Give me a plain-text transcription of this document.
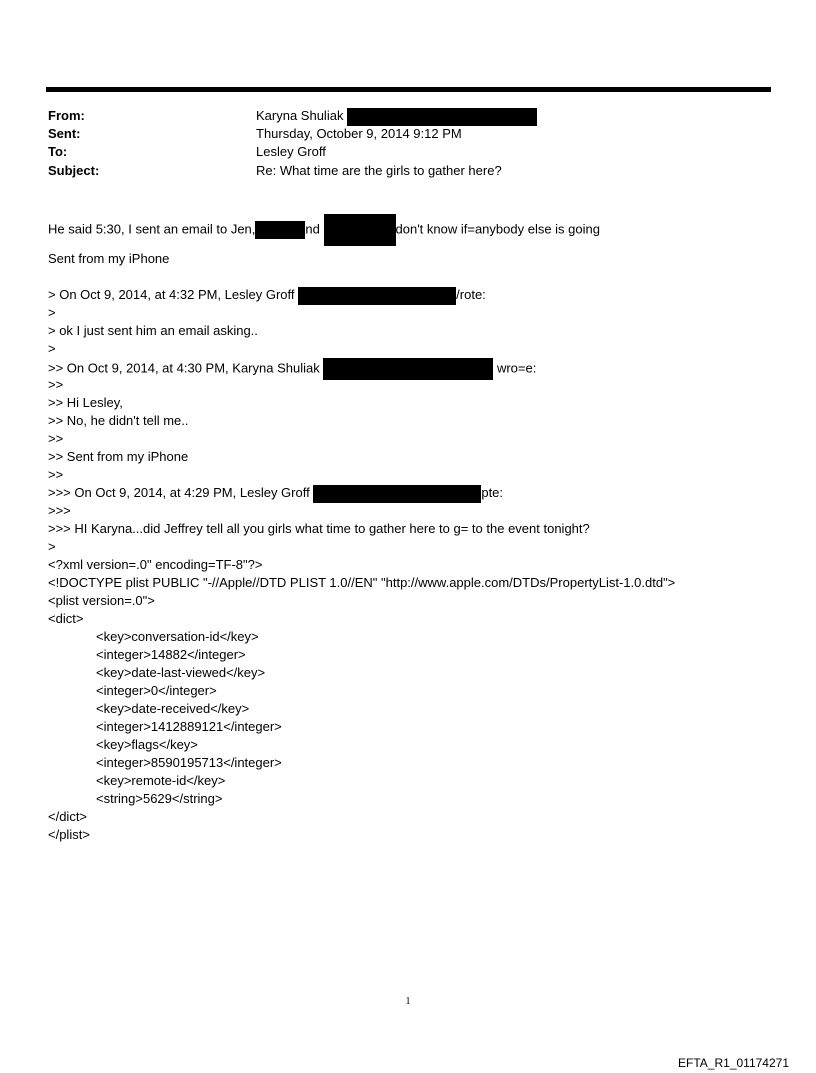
From:	Karyna Shuliak
Sent:	Thursday, October 9, 2014 9:12 PM
To:	Lesley Groff
Subject:	Re: What time are the girls to gather here?
He said 5:30, I sent an email to Jen,	nd	don't know if=anybody else is going
Sent from my iPhone
> On Oct 9, 2014, at 4:32 PM, Lesley Groff	/rote:
>
> ok I just sent him an email asking..
>
>> On Oct 9, 2014, at 4:30 PM, Karyna Shuliak	wro=e:
>>
>> Hi Lesley,
>> No, he didn't tell me..
>>
>> Sent from my iPhone
>>
>>> On Oct 9, 2014, at 4:29 PM, Lesley Groff	pte:
>>>
>>> HI Karyna...did Jeffrey tell all you girls what time to gather here to g= to the event tonight?
>
<?xml version=.0" encoding=TF-8"?>
<!DOCTYPE plist PUBLIC "-//Apple//DTD PLIST 1.0//EN" "http://www.apple.com/DTDs/PropertyList-1.0.dtd">
<plist version=.0">
<dict>
<key>conversation-id</key>
<integer>14882</integer>
<key>date-last-viewed</key>
<integer>0</integer>
<key>date-received</key>
<integer>1412889121</integer>
<key>flags</key>
<integer>8590195713</integer>
<key>remote-id</key>
<string>5629</string>
</dict>
</plist>
1
EFTA_R1_01174271
